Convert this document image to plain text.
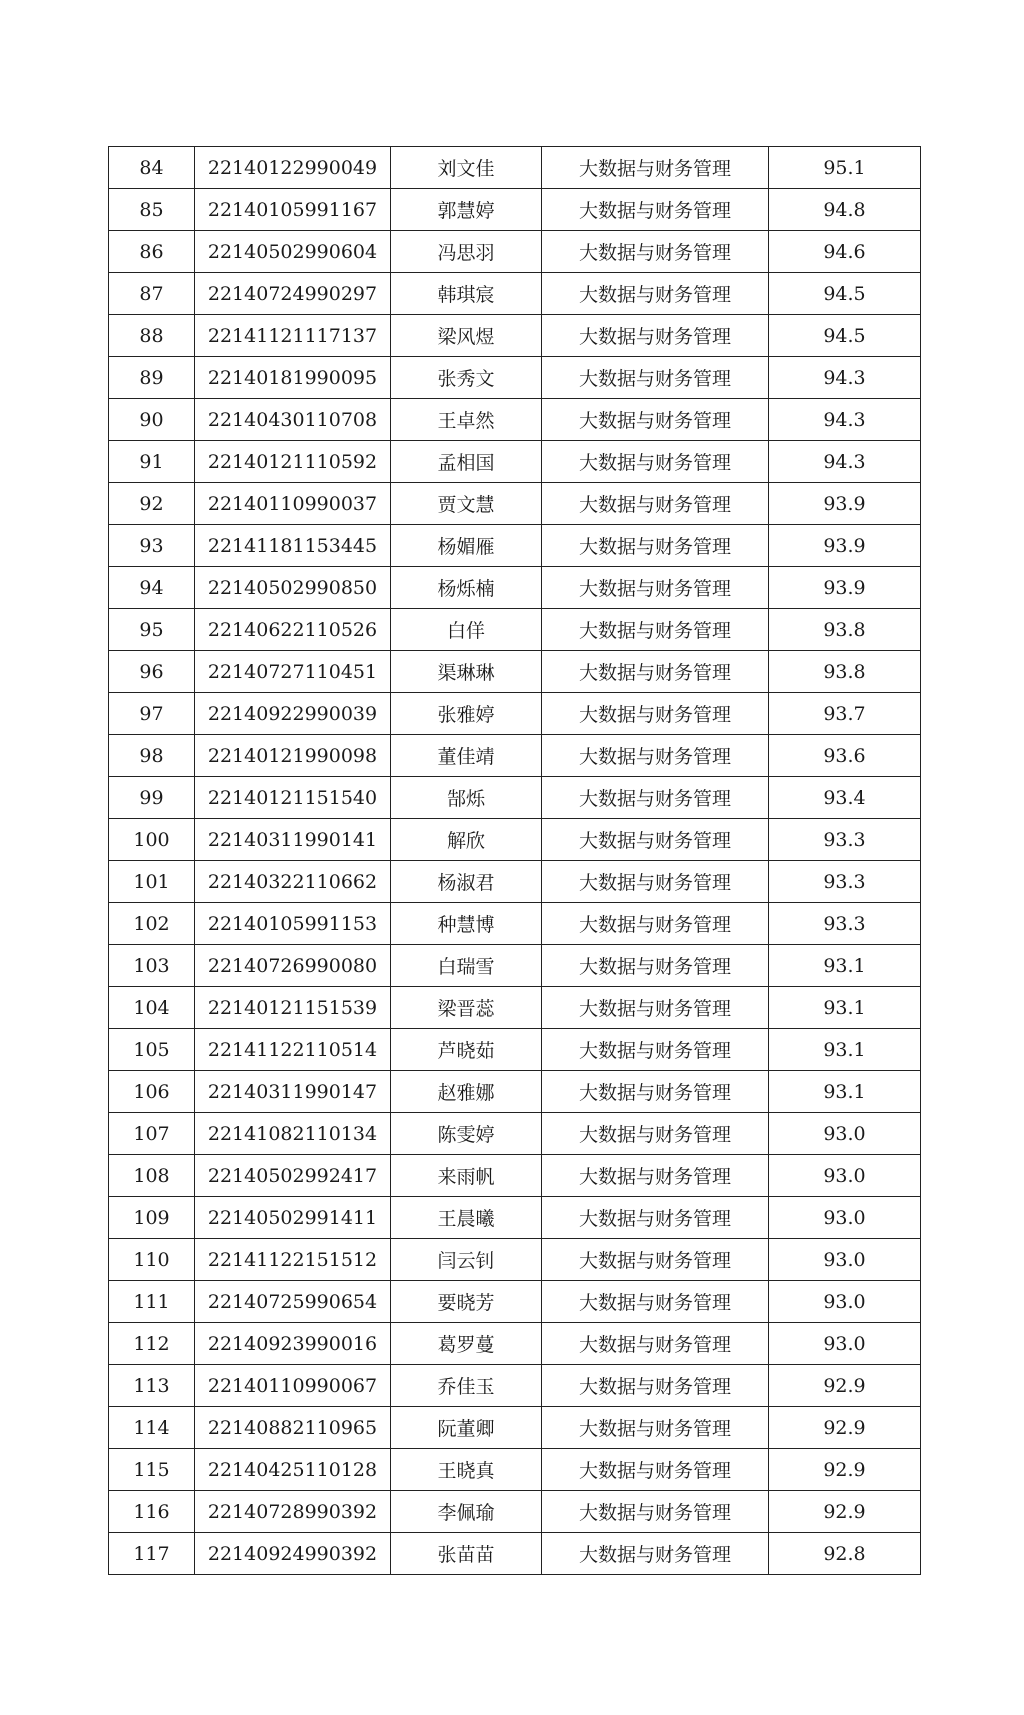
84	22140122990049	刘文佳	大数据与财务管理	95.1
85	22140105991167	郭慧婷	大数据与财务管理	94.8
86	22140502990604	冯思羽	大数据与财务管理	94.6
87	22140724990297	韩琪宸	大数据与财务管理	94.5
88	22141121117137	梁风煜	大数据与财务管理	94.5
89	22140181990095	张秀文	大数据与财务管理	94.3
90	22140430110708	王卓然	大数据与财务管理	94.3
91	22140121110592	孟相国	大数据与财务管理	94.3
92	22140110990037	贾文慧	大数据与财务管理	93.9
93	22141181153445	杨媚雁	大数据与财务管理	93.9
94	22140502990850	杨烁楠	大数据与财务管理	93.9
95	22140622110526	白佯	大数据与财务管理	93.8
96	22140727110451	渠琳琳	大数据与财务管理	93.8
97	22140922990039	张雅婷	大数据与财务管理	93.7
98	22140121990098	董佳靖	大数据与财务管理	93.6
99	22140121151540	郜烁	大数据与财务管理	93.4
100	22140311990141	解欣	大数据与财务管理	93.3
101	22140322110662	杨淑君	大数据与财务管理	93.3
102	22140105991153	种慧博	大数据与财务管理	93.3
103	22140726990080	白瑞雪	大数据与财务管理	93.1
104	22140121151539	梁晋蕊	大数据与财务管理	93.1
105	22141122110514	芦晓茹	大数据与财务管理	93.1
106	22140311990147	赵雅娜	大数据与财务管理	93.1
107	22141082110134	陈雯婷	大数据与财务管理	93.0
108	22140502992417	来雨帆	大数据与财务管理	93.0
109	22140502991411	王晨曦	大数据与财务管理	93.0
110	22141122151512	闫云钊	大数据与财务管理	93.0
111	22140725990654	要晓芳	大数据与财务管理	93.0
112	22140923990016	葛罗蔓	大数据与财务管理	93.0
113	22140110990067	乔佳玉	大数据与财务管理	92.9
114	22140882110965	阮董卿	大数据与财务管理	92.9
115	22140425110128	王晓真	大数据与财务管理	92.9
116	22140728990392	李佩瑜	大数据与财务管理	92.9
117	22140924990392	张苗苗	大数据与财务管理	92.8
